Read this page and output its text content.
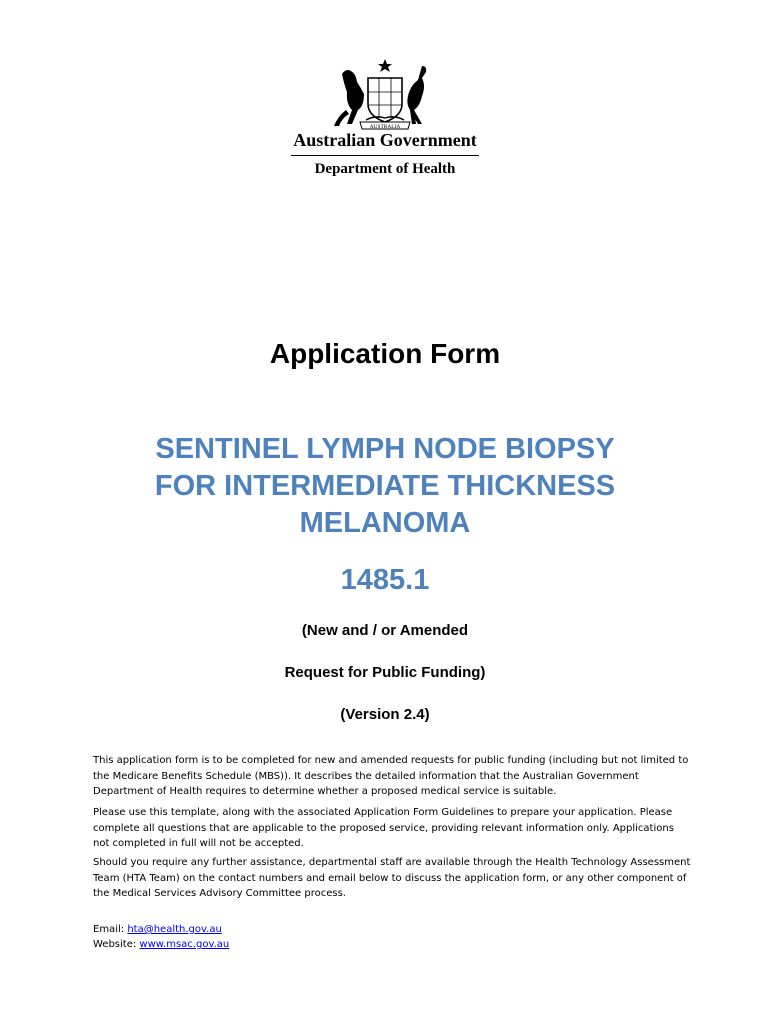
AUSTRALIA
Australian Government
Department of Health
Application Form
SENTINEL LYMPH NODE BIOPSY
FOR INTERMEDIATE THICKNESS
MELANOMA
1485.1
(New and / or Amended
Request for Public Funding)
(Version 2.4)

This application form is to be completed for new and amended requests for public funding (including but not limited to the Medicare Benefits Schedule (MBS)). It describes the detailed information that the Australian Government Department of Health requires to determine whether a proposed medical service is suitable.

Please use this template, along with the associated Application Form Guidelines to prepare your application. Please complete all questions that are applicable to the proposed service, providing relevant information only. Applications not completed in full will not be accepted.

Should you require any further assistance, departmental staff are available through the Health Technology Assessment Team (HTA Team) on the contact numbers and email below to discuss the application form, or any other component of the Medical Services Advisory Committee process.

Email: hta@health.gov.au
Website: www.msac.gov.au
